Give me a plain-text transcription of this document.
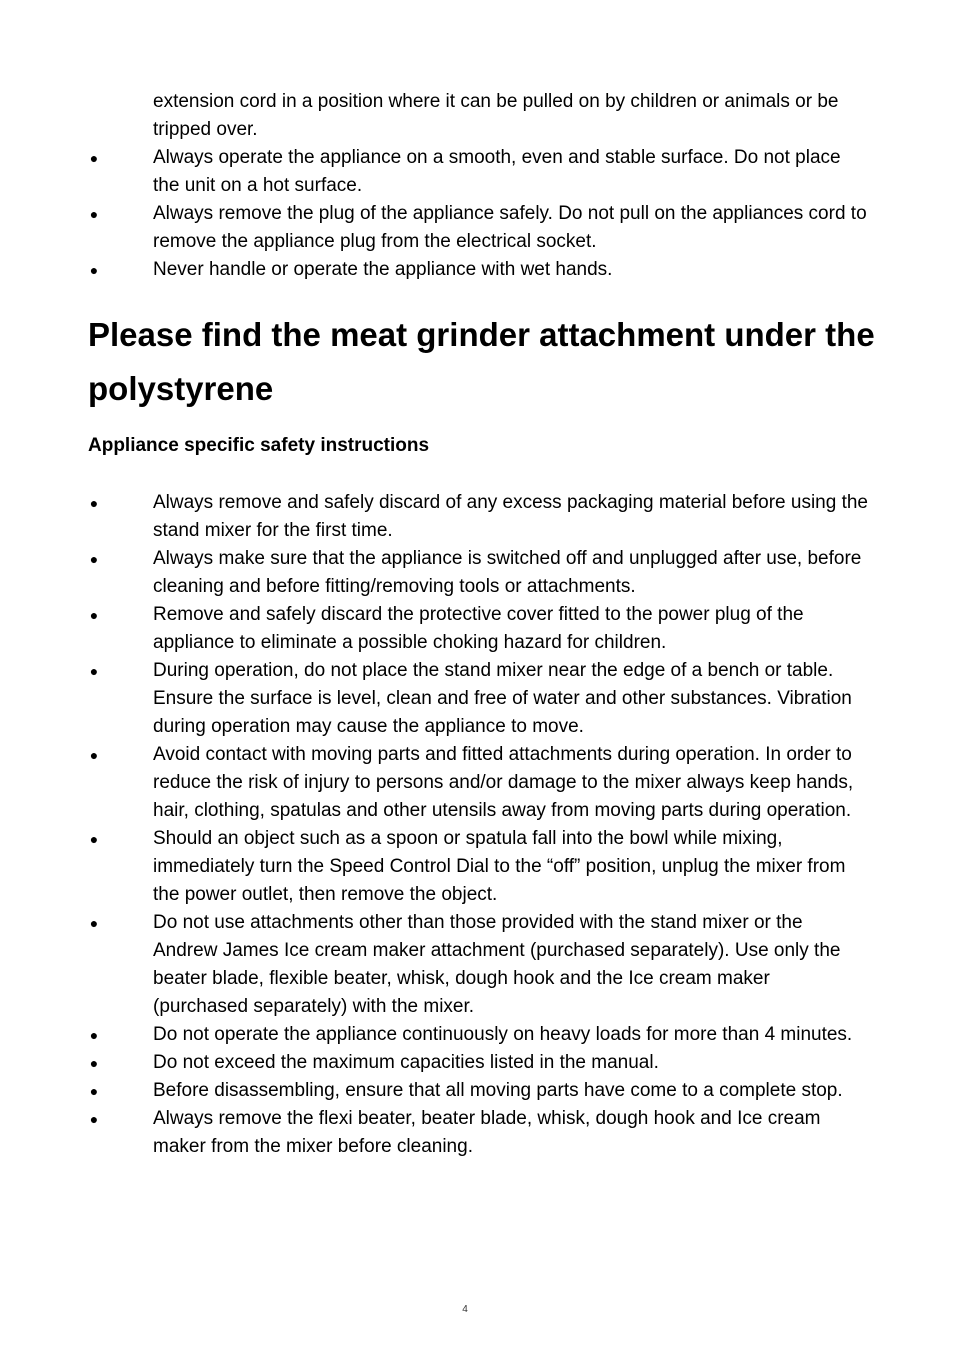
extension cord in a position where it can be pulled on by children or animals or be tripped over.

●	Always operate the appliance on a smooth, even and stable surface. Do not place the unit on a hot surface.
●	Always remove the plug of the appliance safely. Do not pull on the appliances cord to remove the appliance plug from the electrical socket.
●	Never handle or operate the appliance with wet hands.
Please find the meat grinder attachment under the polystyrene
Appliance specific safety instructions
●	Always remove and safely discard of any excess packaging material before using the stand mixer for the first time.
●	Always make sure that the appliance is switched off and unplugged after use, before cleaning and before fitting/removing tools or attachments.
●	Remove and safely discard the protective cover fitted to the power plug of the appliance to eliminate a possible choking hazard for children.
●	During operation, do not place the stand mixer near the edge of a bench or table. Ensure the surface is level, clean and free of water and other substances. Vibration during operation may cause the appliance to move.
●	Avoid contact with moving parts and fitted attachments during operation. In order to reduce the risk of injury to persons and/or damage to the mixer always keep hands, hair, clothing, spatulas and other utensils away from moving parts during operation.
●	Should an object such as a spoon or spatula fall into the bowl while mixing, immediately turn the Speed Control Dial to the “off” position, unplug the mixer from the power outlet, then remove the object.
●	Do not use attachments other than those provided with the stand mixer or the Andrew James Ice cream maker attachment (purchased separately). Use only the beater blade, flexible beater, whisk, dough hook and the Ice cream maker (purchased separately) with the mixer.
●	Do not operate the appliance continuously on heavy loads for more than 4 minutes.
●	Do not exceed the maximum capacities listed in the manual.
●	Before disassembling, ensure that all moving parts have come to a complete stop.
●	Always remove the flexi beater, beater blade, whisk, dough hook and Ice cream maker from the mixer before cleaning.
4
